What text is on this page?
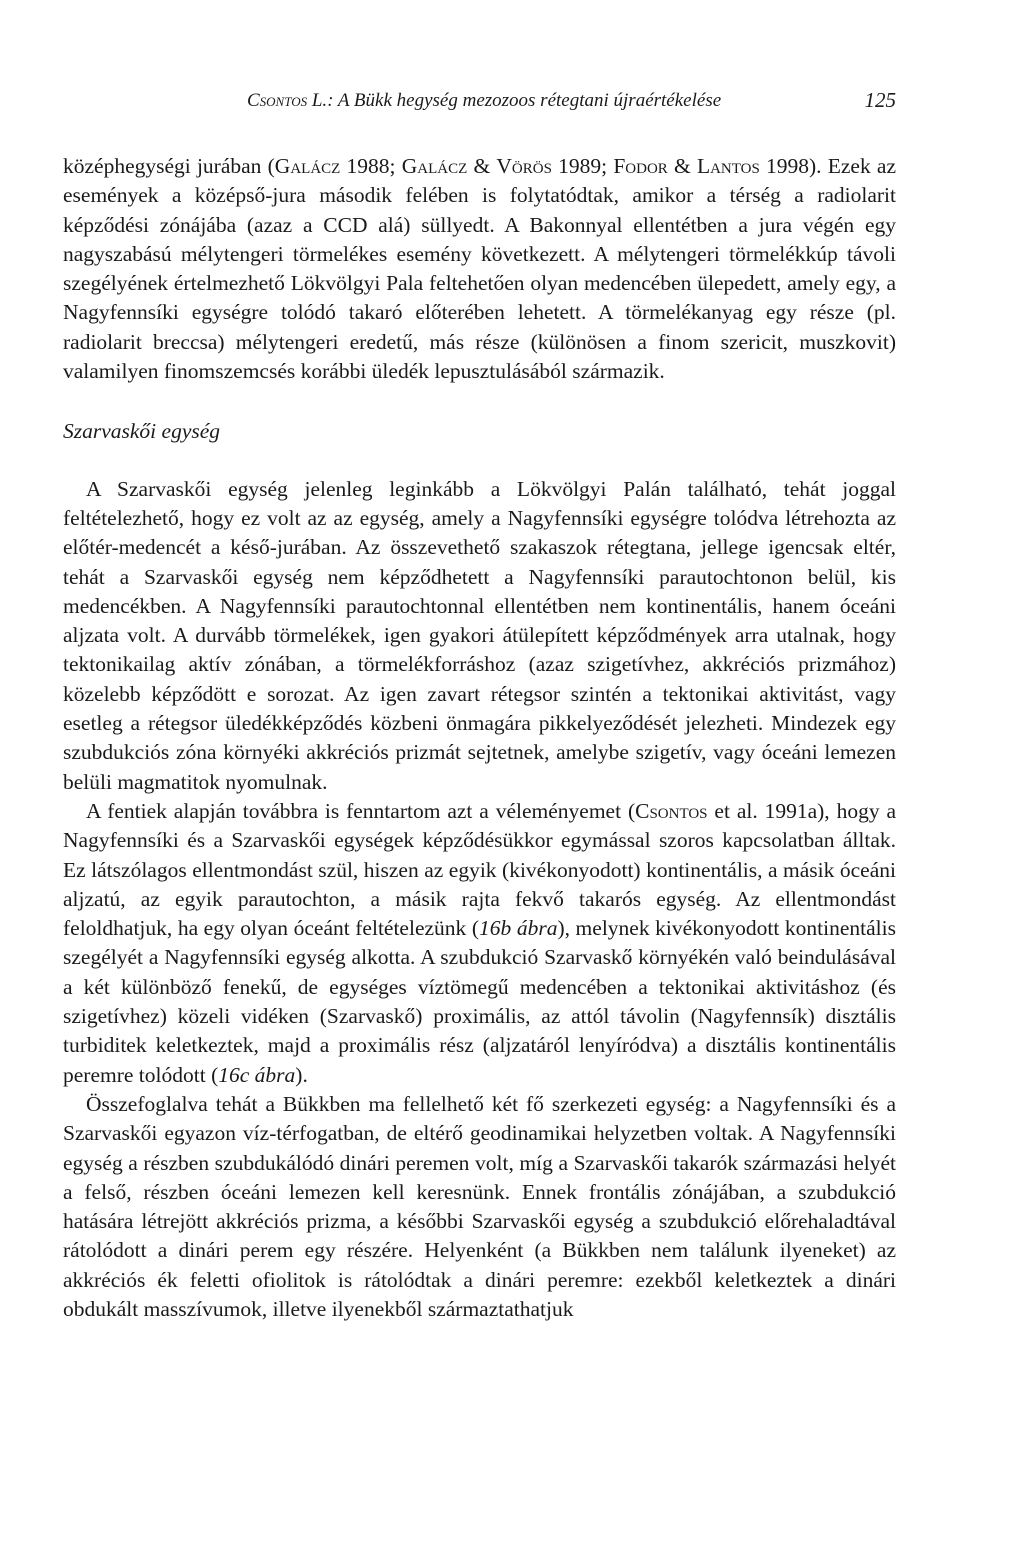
Csontos L.: A Bükk hegység mezozoos rétegtani újraértékelése	125

középhegységi jurában (Galácz 1988; Galácz & Vörös 1989; Fodor & Lantos 1998). Ezek az események a középső-jura második felében is folytatódtak, amikor a térség a radiolarit képződési zónájába (azaz a CCD alá) süllyedt. A Bakonnyal ellentétben a jura végén egy nagyszabású mélytengeri törmelékes esemény következett. A mélytengeri törmelékkúp távoli szegélyének értelmezhető Lökvölgyi Pala feltehetően olyan medencében ülepedett, amely egy, a Nagyfennsíki egységre tolódó takaró előterében lehetett. A törmelékanyag egy része (pl. radiolarit breccsa) mélytengeri eredetű, más része (különösen a finom szericit, muszkovit) valamilyen finomszemcsés korábbi üledék lepusztulásából származik.

Szarvaskői egység

A Szarvaskői egység jelenleg leginkább a Lökvölgyi Palán található, tehát joggal feltételezhető, hogy ez volt az az egység, amely a Nagyfennsíki egységre tolódva létrehozta az előtér-medencét a késő-jurában. Az összevethető szakaszok rétegtana, jellege igencsak eltér, tehát a Szarvaskői egység nem képződhetett a Nagyfennsíki parautochtonon belül, kis medencékben. A Nagyfennsíki parautochtonnal ellentétben nem kontinentális, hanem óceáni aljzata volt. A durvább törmelékek, igen gyakori átülepített képződmények arra utalnak, hogy tektonikailag aktív zónában, a törmelékforráshoz (azaz szigetívhez, akkréciós prizmához) közelebb képződött e sorozat. Az igen zavart rétegsor szintén a tektonikai aktivitást, vagy esetleg a rétegsor üledékképződés közbeni önmagára pikkelyeződését jelezheti. Mindezek egy szubdukciós zóna környéki akkréciós prizmát sejtetnek, amelybe szigetív, vagy óceáni lemezen belüli magmatitok nyomulnak.

A fentiek alapján továbbra is fenntartom azt a véleményemet (Csontos et al. 1991a), hogy a Nagyfennsíki és a Szarvaskői egységek képződésükkor egymással szoros kapcsolatban álltak. Ez látszólagos ellentmondást szül, hiszen az egyik (kivékonyodott) kontinentális, a másik óceáni aljzatú, az egyik parautochton, a másik rajta fekvő takarós egység. Az ellentmondást feloldhatjuk, ha egy olyan óceánt feltételezünk (16b ábra), melynek kivékonyodott kontinentális szegélyét a Nagyfennsíki egység alkotta. A szubdukció Szarvaskő környékén való beindulásával a két különböző fenekű, de egységes víztömegű medencében a tektonikai aktivitáshoz (és szigetívhez) közeli vidéken (Szarvaskő) proximális, az attól távolin (Nagyfennsík) disztális turbiditek keletkeztek, majd a proximális rész (aljzatáról lenyíródva) a disztális kontinentális peremre tolódott (16c ábra).

Összefoglalva tehát a Bükkben ma fellelhető két fő szerkezeti egység: a Nagyfennsíki és a Szarvaskői egyazon víz-térfogatban, de eltérő geodinamikai helyzetben voltak. A Nagyfennsíki egység a részben szubdukálódó dinári peremen volt, míg a Szarvaskői takarók származási helyét a felső, részben óceáni lemezen kell keresnünk. Ennek frontális zónájában, a szubdukció hatására létrejött akkréciós prizma, a későbbi Szarvaskői egység a szubdukció előrehaladtával rátolódott a dinári perem egy részére. Helyenként (a Bükkben nem találunk ilyeneket) az akkréciós ék feletti ofiolitok is rátolódtak a dinári peremre: ezekből keletkeztek a dinári obdukált masszívumok, illetve ilyenekből származtathatjuk
